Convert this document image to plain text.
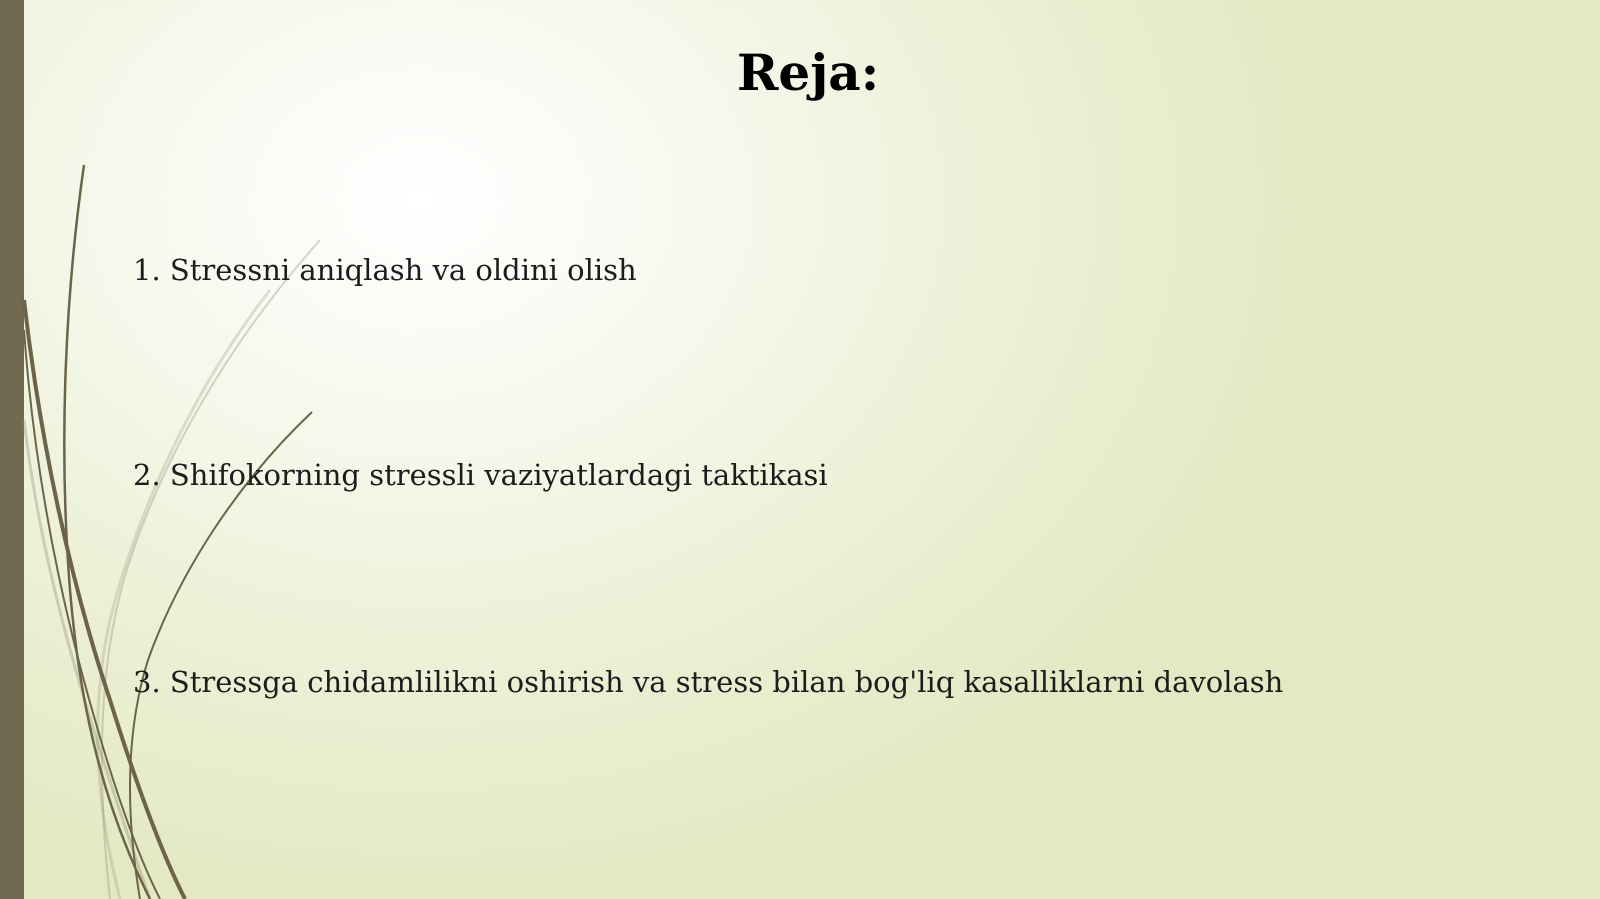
Reja:
1. Stressni aniqlash va oldini olish
2. Shifokorning stressli vaziyatlardagi taktikasi
3. Stressga chidamlilikni oshirish va stress bilan bog'liq kasalliklarni davolash
